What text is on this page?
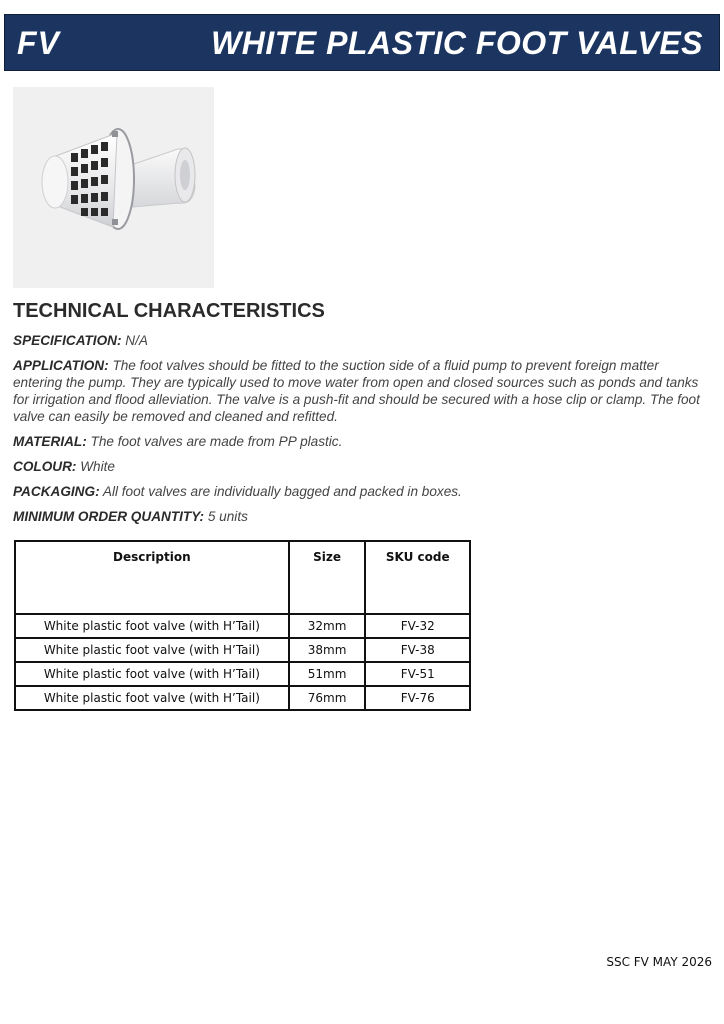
FV	WHITE PLASTIC FOOT VALVES
TECHNICAL CHARACTERISTICS

SPECIFICATION: N/A

APPLICATION: The foot valves should be fitted to the suction side of a fluid pump to prevent foreign matter entering the pump. They are typically used to move water from open and closed sources such as ponds and tanks for irrigation and flood alleviation. The valve is a push-fit and should be secured with a hose clip or clamp. The foot valve can easily be removed and cleaned and refitted.

MATERIAL: The foot valves are made from PP plastic.

COLOUR: White

PACKAGING: All foot valves are individually bagged and packed in boxes.

MINIMUM ORDER QUANTITY: 5 units

Description	Size	SKU code
White plastic foot valve (with H’Tail)	32mm	FV-32
White plastic foot valve (with H’Tail)	38mm	FV-38
White plastic foot valve (with H’Tail)	51mm	FV-51
White plastic foot valve (with H’Tail)	76mm	FV-76
SSC FV MAY 2026
